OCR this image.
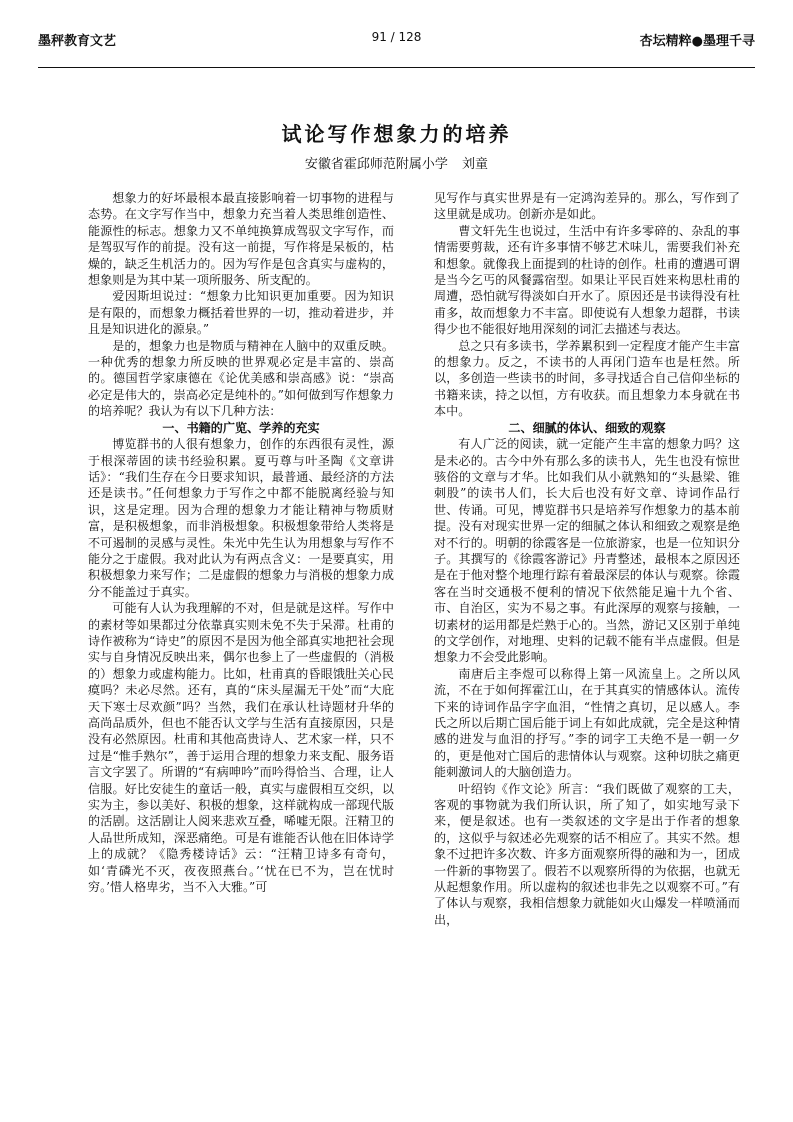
墨秤教育文艺	91 / 128	杏坛精粹●墨理千寻
试论写作想象力的培养
安徽省霍邱师范附属小学 刘童

想象力的好坏最根本最直接影响着一切事物的进程与态势。在文字写作当中，想象力充当着人类思维创造性、能源性的标志。想象力又不单纯换算成驾驭文字写作，而是驾驭写作的前提。没有这一前提，写作将是呆板的，枯燥的，缺乏生机活力的。因为写作是包含真实与虚构的，想象则是为其中某一项所服务、所支配的。

爱因斯坦说过：“想象力比知识更加重要。因为知识是有限的，而想象力概括着世界的一切，推动着进步，并且是知识进化的源泉。”

是的，想象力也是物质与精神在人脑中的双重反映。一种优秀的想象力所反映的世界观必定是丰富的、崇高的。德国哲学家康德在《论优美感和崇高感》说：“崇高必定是伟大的，崇高必定是纯朴的。”如何做到写作想象力的培养呢？我认为有以下几种方法：

一、书籍的广览、学养的充实

博览群书的人很有想象力，创作的东西很有灵性，源于根深蒂固的读书经验积累。夏丏尊与叶圣陶《文章讲话》：“我们生存在今日要求知识，最普通、最经济的方法还是读书。”任何想象力于写作之中都不能脱离经验与知识，这是定理。因为合理的想象力才能让精神与物质财富，是积极想象，而非消极想象。积极想象带给人类将是不可遏制的灵感与灵性。朱光中先生认为用想象与写作不能分之于虚假。我对此认为有两点含义：一是要真实，用积极想象力来写作；二是虚假的想象力与消极的想象力成分不能盖过于真实。

可能有人认为我理解的不对，但是就是这样。写作中的素材等如果都过分依靠真实则未免不失于呆滞。杜甫的诗作被称为“诗史”的原因不是因为他全部真实地把社会现实与自身情况反映出来，偶尔也参上了一些虚假的（消极的）想象力或虚构能力。比如，杜甫真的昏眼饿肚关心民瘼吗？未必尽然。还有，真的“床头屋漏无干处”而“大庇天下寒士尽欢颜”吗？当然，我们在承认杜诗题材升华的高尚品质外，但也不能否认文学与生活有直接原因，只是没有必然原因。杜甫和其他高贵诗人、艺术家一样，只不过是“惟手熟尔”，善于运用合理的想象力来支配、服务语言文字罢了。所谓的“有病呻吟”而吟得恰当、合理，让人信服。好比安徒生的童话一般，真实与虚假相互交织，以实为主，参以美好、积极的想象，这样就构成一部现代版的活剧。这活剧让人阅来悲欢互叠，唏嘘无限。汪精卫的人品世所成知，深恶痛绝。可是有谁能否认他在旧体诗学上的成就？《隐秀楼诗话》云：“汪精卫诗多有奇句，如‘青磷光不灭，夜夜照燕台。’‘忧在已不为，岂在忧时穷。’惜人格卑劣，当不入大雅。”可

见写作与真实世界是有一定鸿沟差异的。那么，写作到了这里就是成功。创新亦是如此。

曹文轩先生也说过，生活中有许多零碎的、杂乱的事情需要剪裁，还有许多事情不够艺术味儿，需要我们补充和想象。就像我上面提到的杜诗的创作。杜甫的遭遇可谓是当今乞丐的风餐露宿型。如果让平民百姓来构思杜甫的周遭，恐怕就写得淡如白开水了。原因还是书读得没有杜甫多，故而想象力不丰富。即使说有人想象力超群，书读得少也不能很好地用深刻的词汇去描述与表达。

总之只有多读书，学养累积到一定程度才能产生丰富的想象力。反之，不读书的人再闭门造车也是枉然。所以，多创造一些读书的时间，多寻找适合自己信仰坐标的书籍来读，持之以恒，方有收获。而且想象力本身就在书本中。

二、细腻的体认、细致的观察

有人广泛的阅读，就一定能产生丰富的想象力吗？这是未必的。古今中外有那么多的读书人，先生也没有惊世骇俗的文章与才华。比如我们从小就熟知的“头悬梁、锥刺股”的读书人们，长大后也没有好文章、诗词作品行世、传诵。可见，博览群书只是培养写作想象力的基本前提。没有对现实世界一定的细腻之体认和细致之观察是绝对不行的。明朝的徐霞客是一位旅游家，也是一位知识分子。其撰写的《徐霞客游记》丹青整述，最根本之原因还是在于他对整个地理行踪有着最深层的体认与观察。徐霞客在当时交通极不便利的情况下依然能足遍十九个省、市、自治区，实为不易之事。有此深厚的观察与接触，一切素材的运用都是烂熟于心的。当然，游记又区别于单纯的文学创作，对地理、史料的记载不能有半点虚假。但是想象力不会受此影响。

南唐后主李煜可以称得上第一风流皇上。之所以风流，不在于如何挥霍江山，在于其真实的情感体认。流传下来的诗词作品字字血泪，“性情之真切，足以感人。李氏之所以后期亡国后能于词上有如此成就，完全是这种情感的进发与血泪的抒写。”李的词字工夫绝不是一朝一夕的，更是他对亡国后的悲情体认与观察。这种切肤之痛更能刺激词人的大脑创造力。

叶绍钧《作文论》所言：“我们既做了观察的工夫，客观的事物就为我们所认识，所了知了，如实地写录下来，便是叙述。也有一类叙述的文字是出于作者的想象的，这似乎与叙述必先观察的话不相应了。其实不然。想象不过把许多次数、许多方面观察所得的融和为一，团成一件新的事物罢了。假若不以观察所得的为依据，也就无从起想象作用。所以虚构的叙述也非先之以观察不可。”有了体认与观察，我相信想象力就能如火山爆发一样喷涌而出，
